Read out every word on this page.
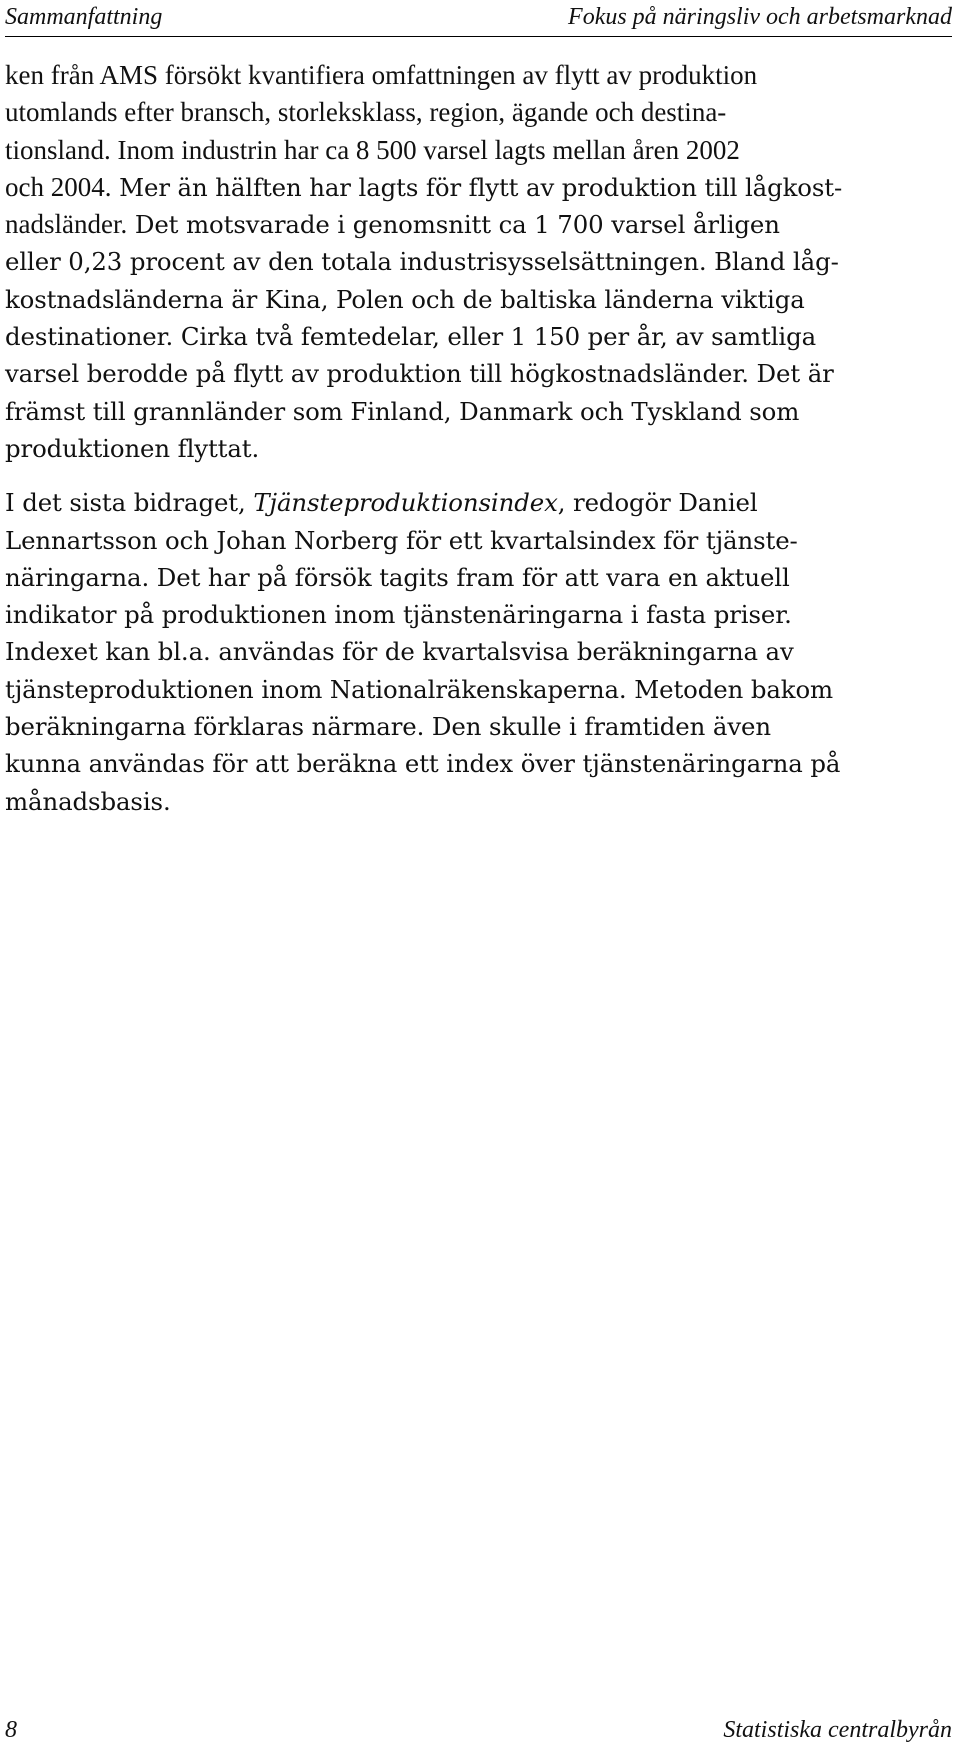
Sammanfattning	Fokus på näringsliv och arbetsmarknad

ken från AMS försökt kvantifiera omfattningen av flytt av produktion
utomlands efter bransch, storleksklass, region, ägande och destina-
tionsland. Inom industrin har ca 8 500 varsel lagts mellan åren 2002
och 2004. Mer än hälften har lagts för flytt av produktion till lågkost-
nadsländer. Det motsvarade i genomsnitt ca 1 700 varsel årligen
eller 0,23 procent av den totala industrisysselsättningen. Bland låg-
kostnadsländerna är Kina, Polen och de baltiska länderna viktiga
destinationer. Cirka två femtedelar, eller 1 150 per år, av samtliga
varsel berodde på flytt av produktion till högkostnadsländer. Det är
främst till grannländer som Finland, Danmark och Tyskland som
produktionen flyttat.

I det sista bidraget, Tjänsteproduktionsindex, redogör Daniel
Lennartsson och Johan Norberg för ett kvartalsindex för tjänste-
näringarna. Det har på försök tagits fram för att vara en aktuell
indikator på produktionen inom tjänstenäringarna i fasta priser.
Indexet kan bl.a. användas för de kvartalsvisa beräkningarna av
tjänsteproduktionen inom Nationalräkenskaperna. Metoden bakom
beräkningarna förklaras närmare. Den skulle i framtiden även
kunna användas för att beräkna ett index över tjänstenäringarna på
månadsbasis.

8	Statistiska centralbyrån
